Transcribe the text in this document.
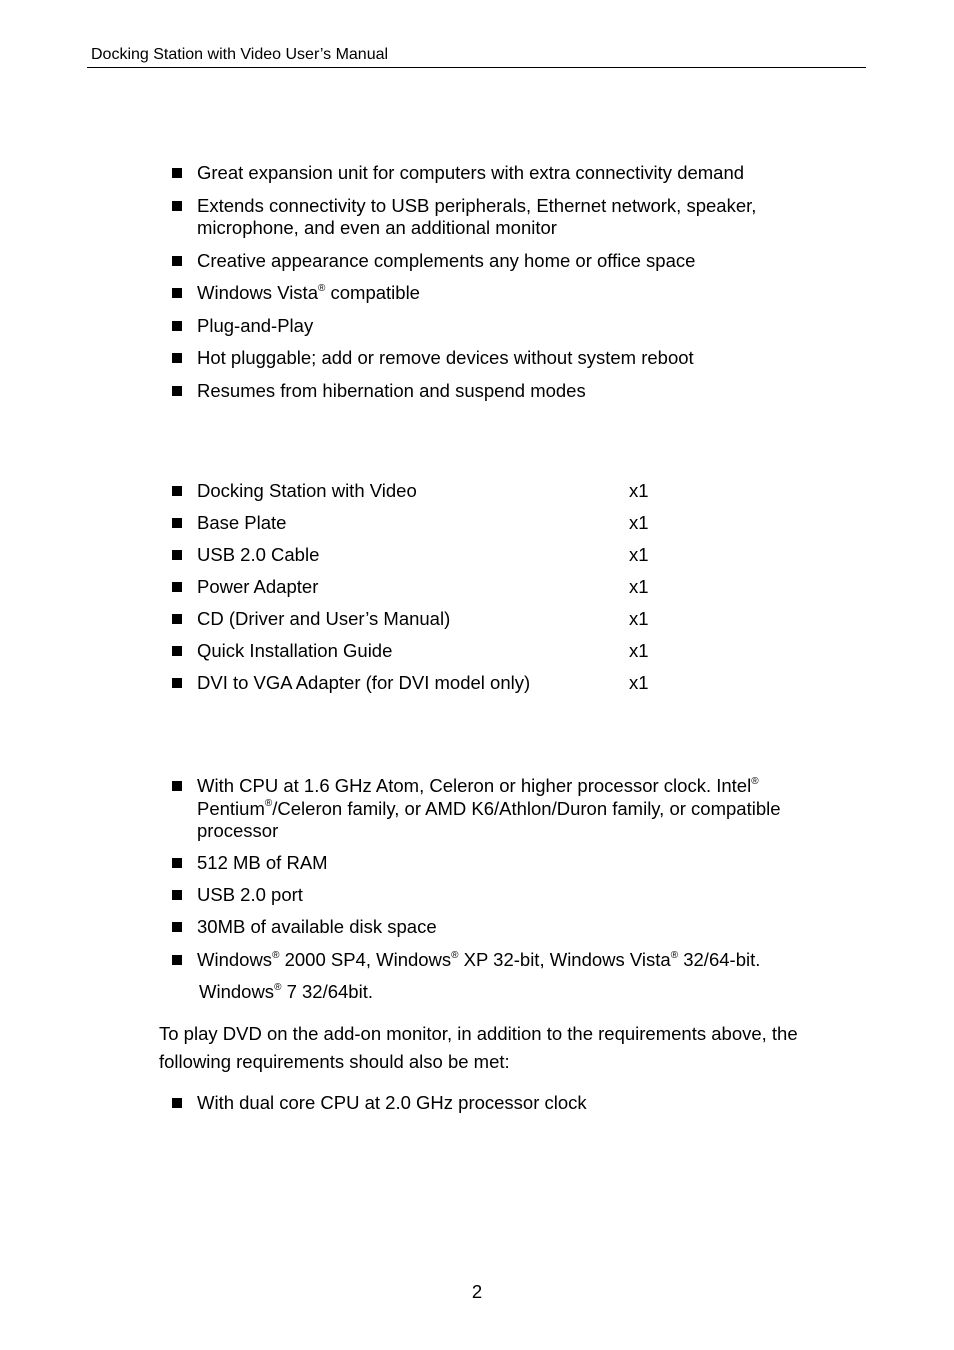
Docking Station with Video User’s Manual
Great expansion unit for computers with extra connectivity demand
Extends connectivity to USB peripherals, Ethernet network, speaker,
microphone, and even an additional monitor
Creative appearance complements any home or office space
Windows Vista® compatible
Plug-and-Play
Hot pluggable; add or remove devices without system reboot
Resumes from hibernation and suspend modes
Docking Station with Video	x1
Base Plate	x1
USB 2.0 Cable	x1
Power Adapter	x1
CD (Driver and User’s Manual)	x1
Quick Installation Guide	x1
DVI to VGA Adapter (for DVI model only)	x1
With CPU at 1.6 GHz Atom, Celeron or higher processor clock. Intel®
Pentium®/Celeron family, or AMD K6/Athlon/Duron family, or compatible
processor
512 MB of RAM
USB 2.0 port
30MB of available disk space
Windows® 2000 SP4, Windows® XP 32-bit, Windows Vista® 32/64-bit.
Windows® 7 32/64bit.

To play DVD on the add-on monitor, in addition to the requirements above, the

following requirements should also be met:

With dual core CPU at 2.0 GHz processor clock
2
